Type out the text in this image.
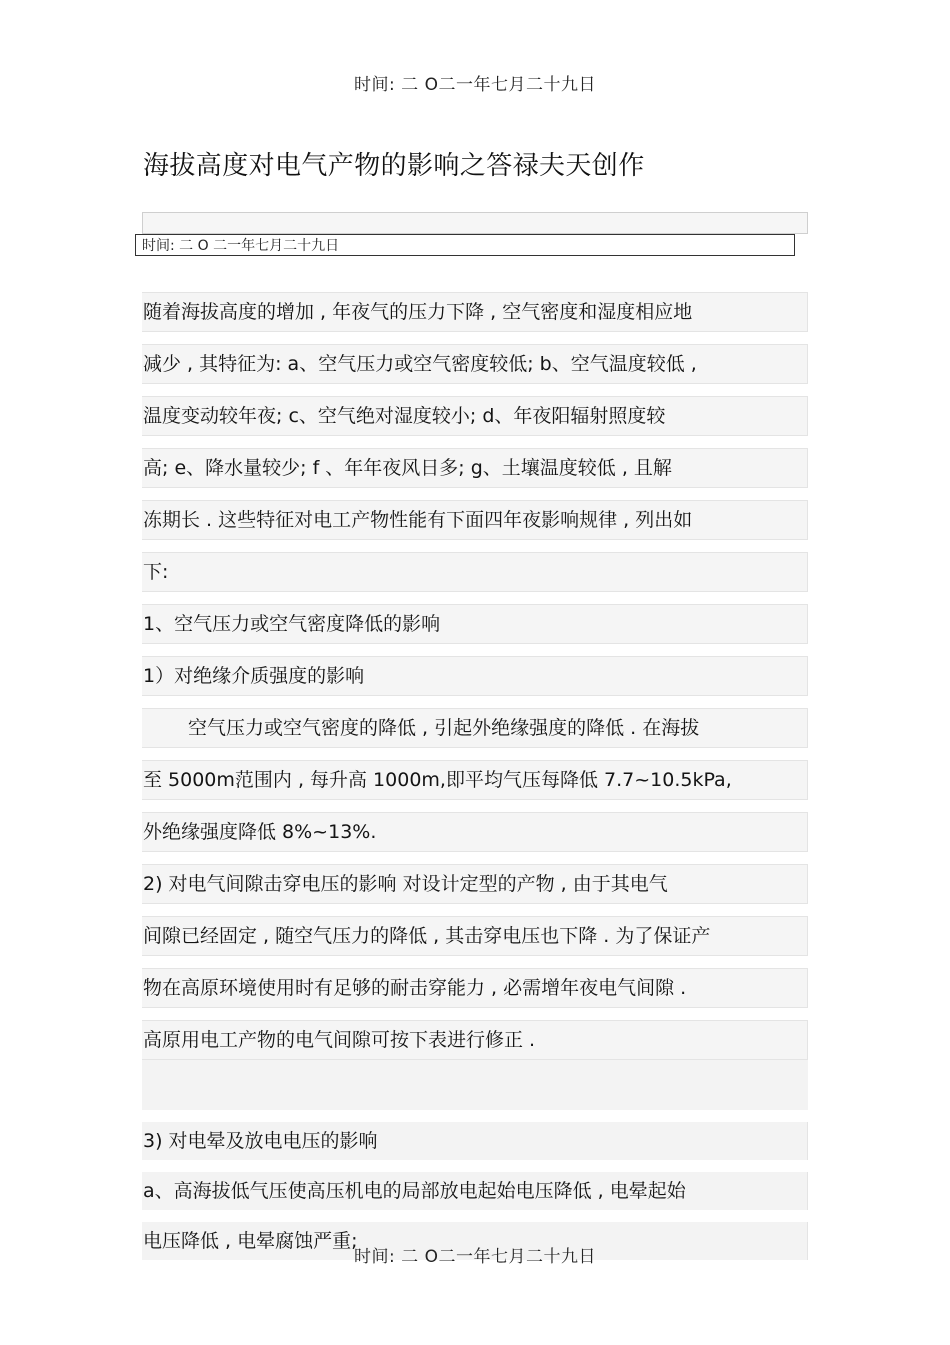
时间: 二 O二一年七月二十九日
海拔高度对电气产物的影响之答禄夫天创作
时间: 二 O 二一年七月二十九日
随着海拔高度的增加 , 年夜气的压力下降 , 空气密度和湿度相应地
减少 , 其特征为: a、空气压力或空气密度较低; b、空气温度较低 ,
温度变动较年夜; c、空气绝对湿度较小; d、年夜阳辐射照度较
高; e、降水量较少; f 、年年夜风日多; g、土壤温度较低 , 且解
冻期长 . 这些特征对电工产物性能有下面四年夜影响规律 , 列出如
下:
1、空气压力或空气密度降低的影响
1）对绝缘介质强度的影响
空气压力或空气密度的降低 , 引起外绝缘强度的降低 . 在海拔
至 5000m范围内 , 每升高 1000m,即平均气压每降低 7.7~10.5kPa,
外绝缘强度降低 8%~13%.
2) 对电气间隙击穿电压的影响 对设计定型的产物 , 由于其电气
间隙已经固定 , 随空气压力的降低 , 其击穿电压也下降 . 为了保证产
物在高原环境使用时有足够的耐击穿能力 , 必需增年夜电气间隙 .
高原用电工产物的电气间隙可按下表进行修正 .
3) 对电晕及放电电压的影响
a、高海拔低气压使高压机电的局部放电起始电压降低 , 电晕起始
电压降低 , 电晕腐蚀严重;
时间: 二 O二一年七月二十九日
